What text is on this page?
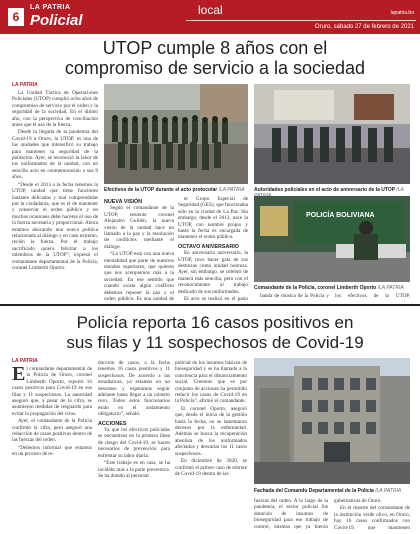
6
LA PATRIA
Policial
local	lapatria.bo
Oruro, sábado 27 de febrero de 2021
UTOP cumple 8 años con el
compromiso de servicio a la sociedad
LA PATRIA

La Unidad Táctica de Operaciones Policiales (UTOP) cumplió ocho años de compromiso de servicio por el orden y la seguridad de la sociedad. En el último año, con la perspectiva de conciliación antes que el uso de la fuerza.

Desde la llegada de la pandemia del Covid-19 a Oruro, la UTOP, es una de las unidades que intensificó su trabajo para mantener la seguridad de la población. Ayer, se reconoció la labor de los uniformados de la unidad, con un sencillo acto en conmemoración a sus 8 años.

“Desde el 2013 a la fecha tenemos la UTOP, unidad que tiene funciones bastante delicadas y mal comprendidas por la ciudadanía, que es el de mantener y conservar el orden público y en muchas ocasiones debe hacerse el uso de la fuerza necesaria y proporcional. Ahora estamos abocando una nueva política relacionada al diálogo y en caso extremo, recién la fuerza. Por el trabajo sacrificado quiero felicitar a los miembros de la UTOP”, expresó el comandante departamental de la Policía, coronel Limberth Oporto.

Efectivos de la UTOP durante el acto protocolar /LA PATRIA	Autoridades policiales en el acto de aniversario de la UTOP /LA
NUEVA VISIÓN

Según el comandante de la UTOP, teniente coronel Alejandro Guillén, la nueva visión de la unidad hace un llamado a la paz y la resolución de conflictos mediante el diálogo.

“La UTOP está con una nueva mentalidad que parte de nuestros mandos superiores, que quieren que nos acerquemos más a la sociedad. En ese sentido que cuando exista algún conflicto debemos reponer la paz y el orden público. Es una unidad de

el Grupo Especial de Seguridad (GES), que funcionaba sólo en la ciudad de La Paz. Sin embargo, desde el 2013, nace la UTOP, con nombre propio y hasta la fecha es encargada de mantener el orden público.

OCTAVO ANIVERSARIO

En aniversario aniversario, la UTOP, tuvo hacer gala de sus destrezas como unidad honrosa. Ayer, sin embargo, se celebró de manera más sencilla, pero con el reconocimiento al trabajo dedicado de sus uniformados.

El acto se realizó en el patio

POLICÍA BOLIVIANA
Comandante de la Policía, coronel Limberth Oporto /LA PATRIA

banda de música de la Policía y los efectivos de la UTOP,

Policía reporta 16 casos positivos en
sus filas y 11 sospechosos de Covid-19
LA PATRIA

El comandante departamental de la Policía de Oruro, coronel Limberth Oporto, reportó 16 casos positivos para Covid-19 en sus filas y 11 sospechosos. La autoridad aseguró que, a pesar de la cifra, se asumieron medidas de resguardo para evitar la propagación del virus.

Ayer, el comandante de la Policía confirmó la cifra, pero aseguró una reducción de casos positivos dentro de las fuerzas del orden.

“Debemos informar que estamos en un proceso de re-

ducción de casos, a la fecha tenemos 16 casos positivos y 11 sospechosos. De acuerdo a las estadísticas, ya estamos en un descenso y esperamos seguir adelante hasta llegar a un número cero. Todos estos funcionarios están en el aislamiento obligatorio”, señaló.

ACCIONES

Ya que los efectivos policiales se encuentran en la primera línea de riesgo del Covid-19, se hacen necesarios de prevención para enfrentar su labor diaria.

“Este trabajo es en casa, se ha incidido más a la parte preventiva. Se ha dotado al personal

policial de los insumos básicos de bioseguridad y se ha llamado a la conciencia para el distanciamiento social. Creemos que es por conjunto de acciones ha permitido reducir los casos de Covid-19 en la Policía”, afirmó el comandante.

El coronel Oporto, aseguró que, desde el inicio de la gestión hasta la fecha, no se lamentaron decesos por la enfermedad. Además se busca la recuperación absoluta de los uniformados afectados y descartar los 11 casos sospechosos.

En diciembre de 2020, se confirmó el primer caso de rebrote de Covid-19 dentro de las

Fachada del Comando Departamental de la Policía /LA PATRIA

fuerzas del orden. A lo largo de la pandemia, el sector policial fue dotación de insumos de bioseguridad para ese trabajo de control, mismos que ya fueron

gubernativas de Oruro.

En el reporte del comandante de la institución verde olivo, en Oruro, hay 16 casos confirmados con Covid-19, que mantienen
